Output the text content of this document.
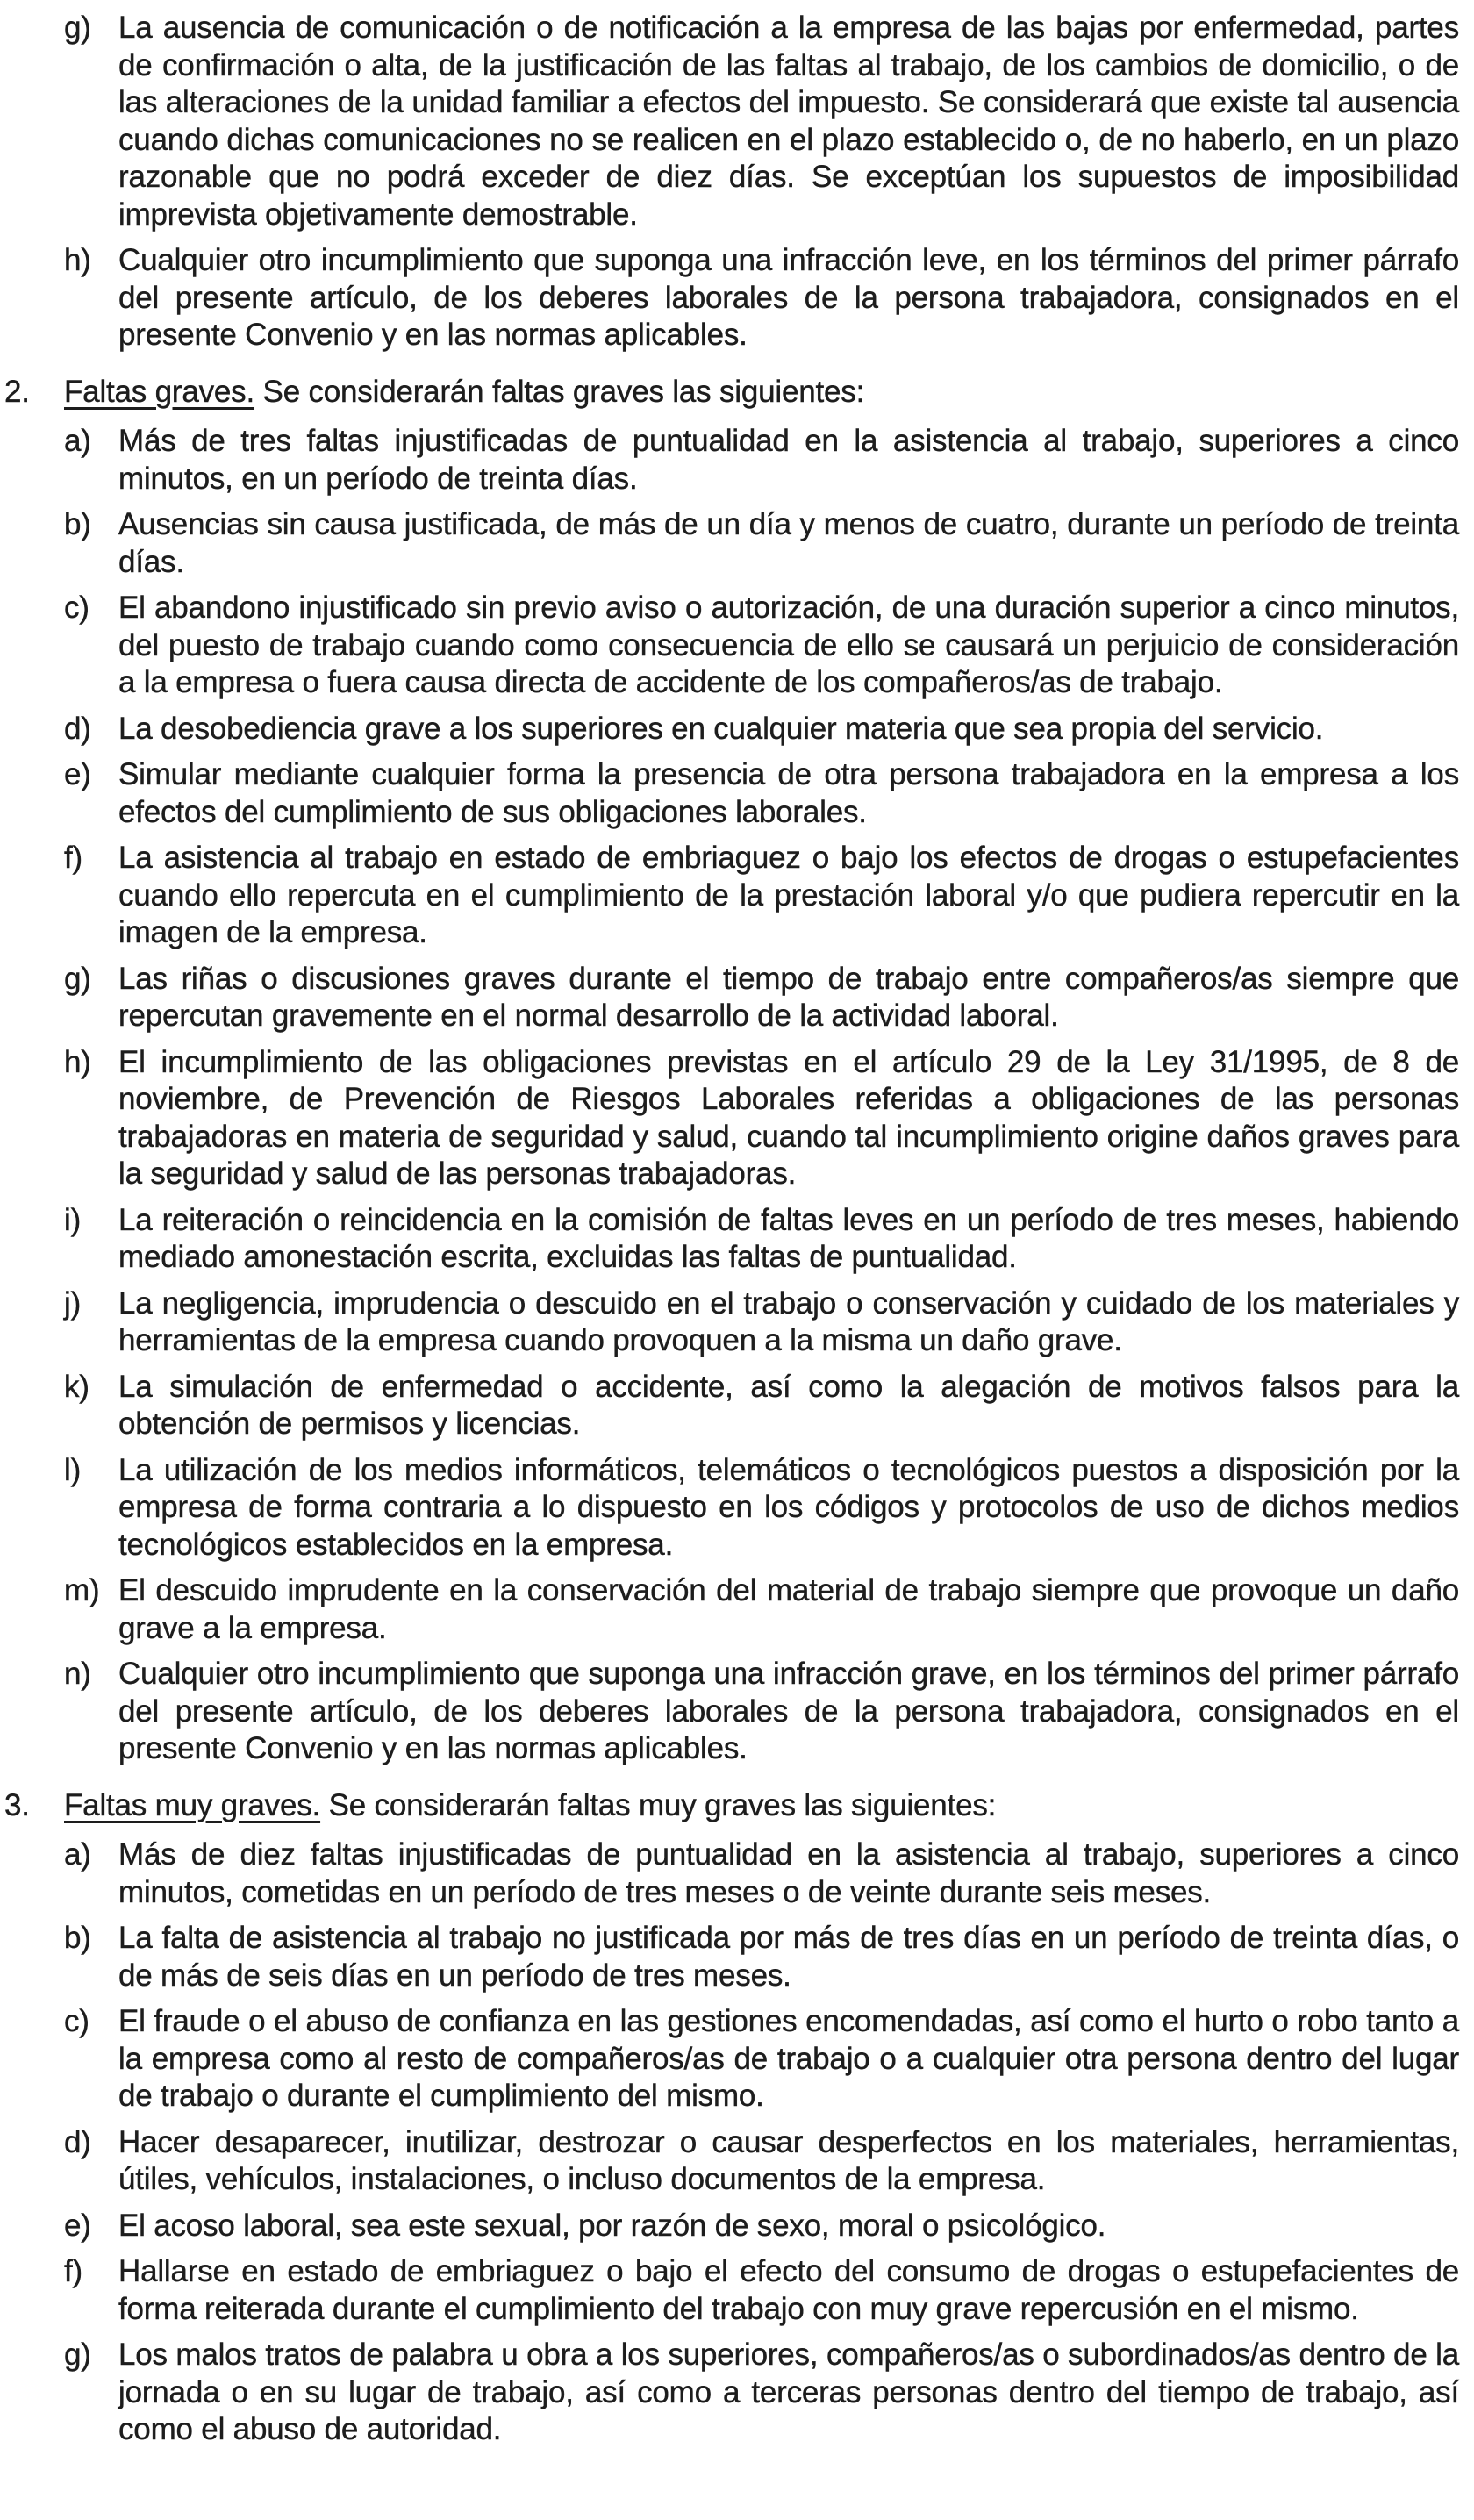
g) La ausencia de comunicación o de notificación a la empresa de las bajas por enfermedad, partes de confirmación o alta, de la justificación de las faltas al trabajo, de los cambios de domicilio, o de las alteraciones de la unidad familiar a efectos del impuesto. Se considerará que existe tal ausencia cuando dichas comunicaciones no se realicen en el plazo establecido o, de no haberlo, en un plazo razonable que no podrá exceder de diez días. Se exceptúan los supuestos de imposibilidad imprevista objetivamente demostrable.

h) Cualquier otro incumplimiento que suponga una infracción leve, en los términos del primer párrafo del presente artículo, de los deberes laborales de la persona trabajadora, consignados en el presente Convenio y en las normas aplicables.

2.	Faltas graves. Se considerarán faltas graves las siguientes:

a) Más de tres faltas injustificadas de puntualidad en la asistencia al trabajo, superiores a cinco minutos, en un período de treinta días.

b) Ausencias sin causa justificada, de más de un día y menos de cuatro, durante un período de treinta días.

c) El abandono injustificado sin previo aviso o autorización, de una duración superior a cinco minutos, del puesto de trabajo cuando como consecuencia de ello se causará un perjuicio de consideración a la empresa o fuera causa directa de accidente de los compañeros/as de trabajo.

d) La desobediencia grave a los superiores en cualquier materia que sea propia del servicio.

e) Simular mediante cualquier forma la presencia de otra persona trabajadora en la empresa a los efectos del cumplimiento de sus obligaciones laborales.

f)	La asistencia al trabajo en estado de embriaguez o bajo los efectos de drogas o estupefacientes cuando ello repercuta en el cumplimiento de la prestación laboral y/o que pudiera repercutir en la imagen de la empresa.

g) Las riñas o discusiones graves durante el tiempo de trabajo entre compañeros/as siempre que repercutan gravemente en el normal desarrollo de la actividad laboral.

h) El incumplimiento de las obligaciones previstas en el artículo 29 de la Ley 31/1995, de 8 de noviembre, de Prevención de Riesgos Laborales referidas a obligaciones de las personas trabajadoras en materia de seguridad y salud, cuando tal incumplimiento origine daños graves para la seguridad y salud de las personas trabajadoras.

i)	La reiteración o reincidencia en la comisión de faltas leves en un período de tres meses, habiendo mediado amonestación escrita, excluidas las faltas de puntualidad.

j)	La negligencia, imprudencia o descuido en el trabajo o conservación y cuidado de los materiales y herramientas de la empresa cuando provoquen a la misma un daño grave.

k) La simulación de enfermedad o accidente, así como la alegación de motivos falsos para la obtención de permisos y licencias.

l)	La utilización de los medios informáticos, telemáticos o tecnológicos puestos a disposición por la empresa de forma contraria a lo dispuesto en los códigos y protocolos de uso de dichos medios tecnológicos establecidos en la empresa.

m) El descuido imprudente en la conservación del material de trabajo siempre que provoque un daño grave a la empresa.

n) Cualquier otro incumplimiento que suponga una infracción grave, en los términos del primer párrafo del presente artículo, de los deberes laborales de la persona trabajadora, consignados en el presente Convenio y en las normas aplicables.

3.	Faltas muy graves. Se considerarán faltas muy graves las siguientes:

a) Más de diez faltas injustificadas de puntualidad en la asistencia al trabajo, superiores a cinco minutos, cometidas en un período de tres meses o de veinte durante seis meses.

b) La falta de asistencia al trabajo no justificada por más de tres días en un período de treinta días, o de más de seis días en un período de tres meses.

c) El fraude o el abuso de confianza en las gestiones encomendadas, así como el hurto o robo tanto a la empresa como al resto de compañeros/as de trabajo o a cualquier otra persona dentro del lugar de trabajo o durante el cumplimiento del mismo.

d) Hacer desaparecer, inutilizar, destrozar o causar desperfectos en los materiales, herramientas, útiles, vehículos, instalaciones, o incluso documentos de la empresa.

e) El acoso laboral, sea este sexual, por razón de sexo, moral o psicológico.

f)	Hallarse en estado de embriaguez o bajo el efecto del consumo de drogas o estupefacientes de forma reiterada durante el cumplimiento del trabajo con muy grave repercusión en el mismo.

g) Los malos tratos de palabra u obra a los superiores, compañeros/as o subordinados/as dentro de la jornada o en su lugar de trabajo, así como a terceras personas dentro del tiempo de trabajo, así como el abuso de autoridad.
